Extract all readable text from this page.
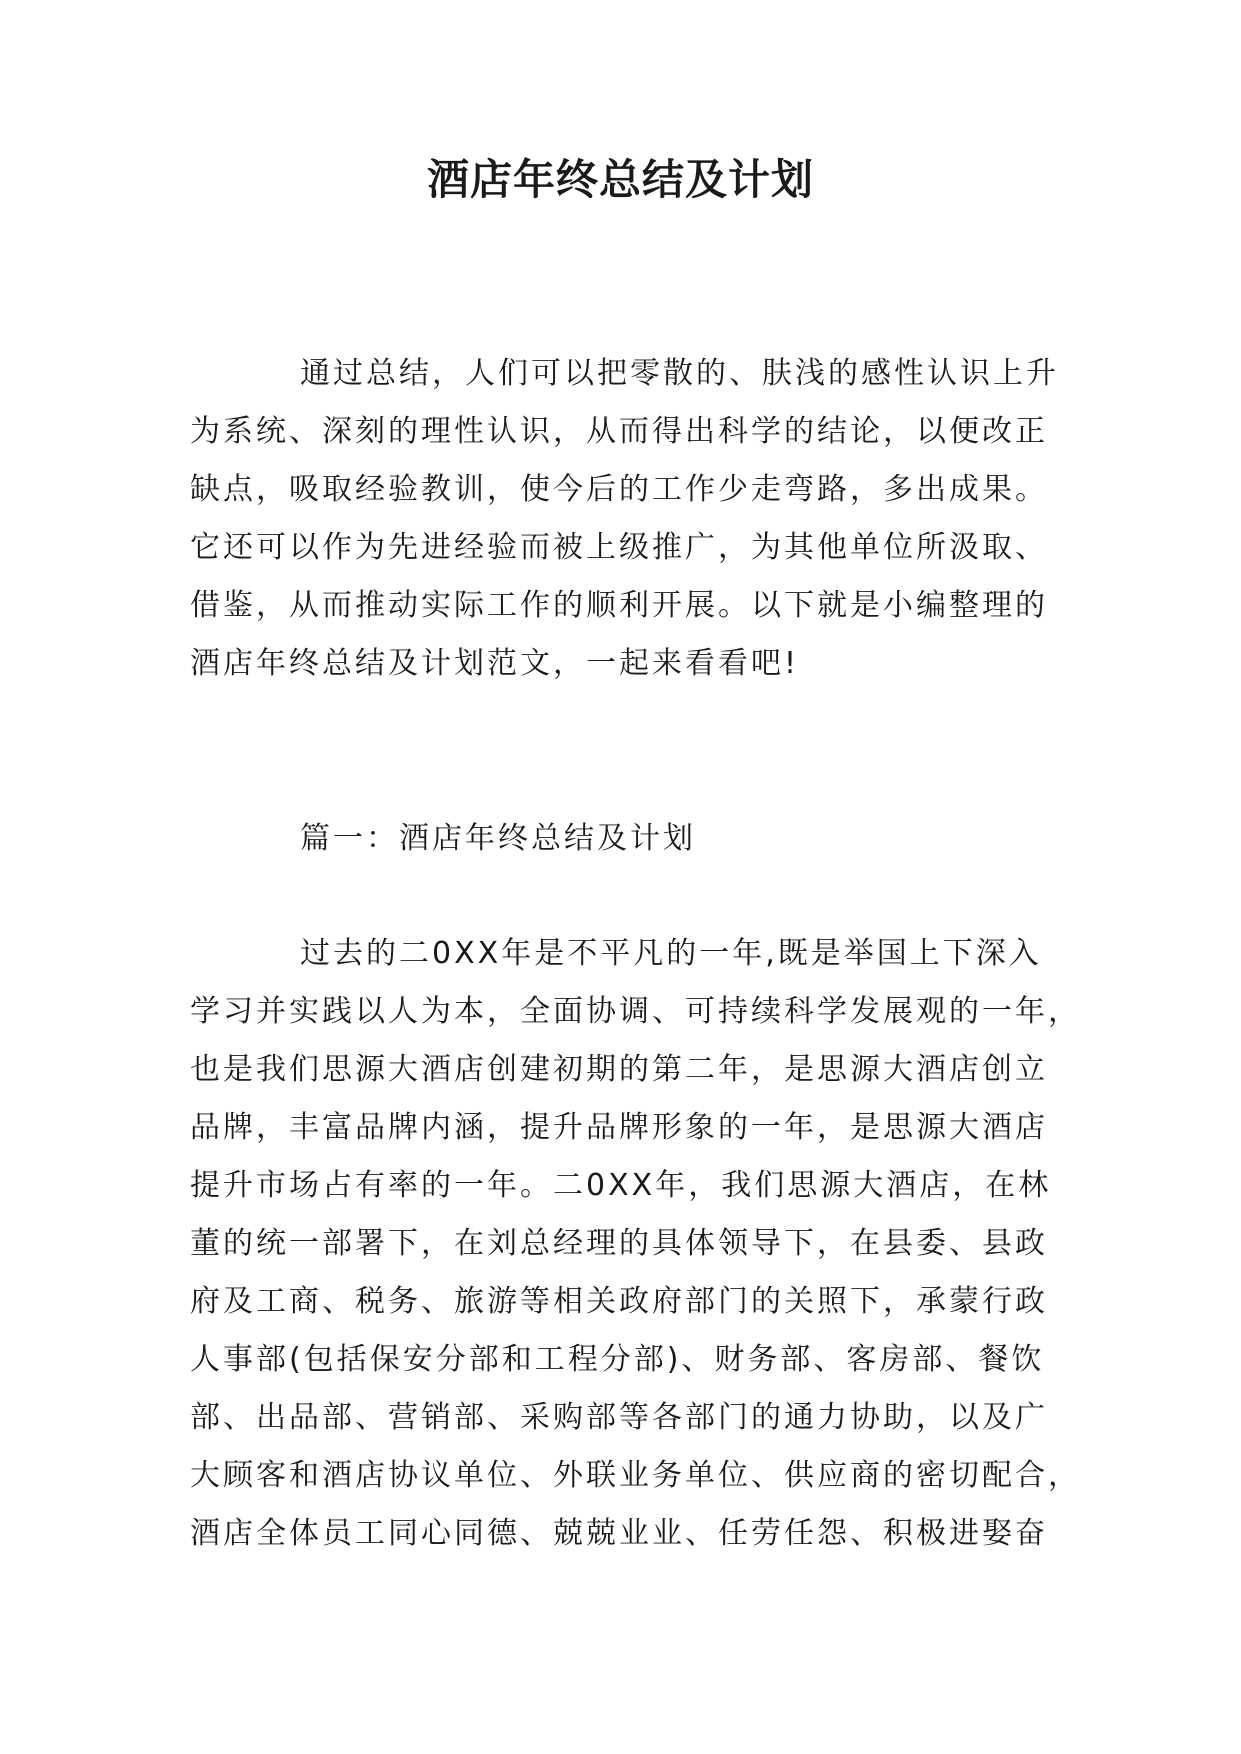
酒店年终总结及计划
通过总结，人们可以把零散的、肤浅的感性认识上升
为系统、深刻的理性认识，从而得出科学的结论，以便改正
缺点，吸取经验教训，使今后的工作少走弯路，多出成果。
它还可以作为先进经验而被上级推广，为其他单位所汲取、
借鉴，从而推动实际工作的顺利开展。以下就是小编整理的
酒店年终总结及计划范文，一起来看看吧!
篇一：酒店年终总结及计划
过去的二0XX年是不平凡的一年,既是举国上下深入
学习并实践以人为本，全面协调、可持续科学发展观的一年，
也是我们思源大酒店创建初期的第二年，是思源大酒店创立
品牌，丰富品牌内涵，提升品牌形象的一年，是思源大酒店
提升市场占有率的一年。二0XX年，我们思源大酒店，在林
董的统一部署下，在刘总经理的具体领导下，在县委、县政
府及工商、税务、旅游等相关政府部门的关照下，承蒙行政
人事部(包括保安分部和工程分部)、财务部、客房部、餐饮
部、出品部、营销部、采购部等各部门的通力协助，以及广
大顾客和酒店协议单位、外联业务单位、供应商的密切配合，
酒店全体员工同心同德、兢兢业业、任劳任怨、积极进娶奋
